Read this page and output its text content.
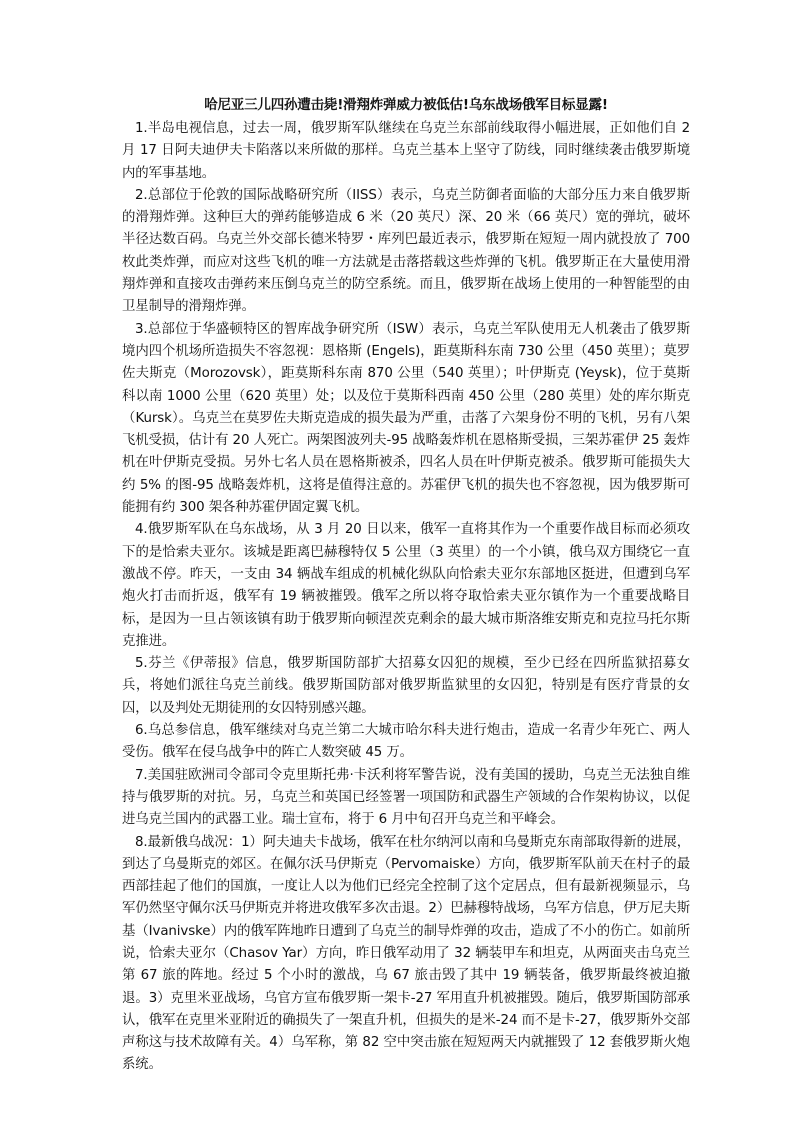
哈尼亚三儿四孙遭击毙!滑翔炸弹威力被低估!乌东战场俄军目标显露!

1.半岛电视信息，过去一周，俄罗斯军队继续在乌克兰东部前线取得小幅进展，正如他们自 2 月 17 日阿夫迪伊夫卡陷落以来所做的那样。乌克兰基本上坚守了防线，同时继续袭击俄罗斯境内的军事基地。

2.总部位于伦敦的国际战略研究所（IISS）表示，乌克兰防御者面临的大部分压力来自俄罗斯的滑翔炸弹。这种巨大的弹药能够造成 6 米（20 英尺）深、20 米（66 英尺）宽的弹坑，破坏半径达数百码。乌克兰外交部长德米特罗・库列巴最近表示，俄罗斯在短短一周内就投放了 700 枚此类炸弹，而应对这些飞机的唯一方法就是击落搭载这些炸弹的飞机。俄罗斯正在大量使用滑翔炸弹和直接攻击弹药来压倒乌克兰的防空系统。而且，俄罗斯在战场上使用的一种智能型的由卫星制导的滑翔炸弹。

3.总部位于华盛顿特区的智库战争研究所（ISW）表示，乌克兰军队使用无人机袭击了俄罗斯境内四个机场所造损失不容忽视：恩格斯 (Engels)，距莫斯科东南 730 公里（450 英里）；莫罗佐夫斯克（Morozovsk），距莫斯科东南 870 公里（540 英里）；叶伊斯克 (Yeysk)，位于莫斯科以南 1000 公里（620 英里）处；以及位于莫斯科西南 450 公里（280 英里）处的库尔斯克（Kursk）。乌克兰在莫罗佐夫斯克造成的损失最为严重，击落了六架身份不明的飞机，另有八架飞机受损，估计有 20 人死亡。两架图波列夫-95 战略轰炸机在恩格斯受损，三架苏霍伊 25 轰炸机在叶伊斯克受损。另外七名人员在恩格斯被杀，四名人员在叶伊斯克被杀。俄罗斯可能损失大约 5% 的图-95 战略轰炸机，这将是值得注意的。苏霍伊飞机的损失也不容忽视，因为俄罗斯可能拥有约 300 架各种苏霍伊固定翼飞机。

4.俄罗斯军队在乌东战场，从 3 月 20 日以来，俄军一直将其作为一个重要作战目标而必须攻下的是恰索夫亚尔。该城是距离巴赫穆特仅 5 公里（3 英里）的一个小镇，俄乌双方围绕它一直激战不停。昨天，一支由 34 辆战车组成的机械化纵队向恰索夫亚尔东部地区挺进，但遭到乌军炮火打击而折返，俄军有 19 辆被摧毁。俄军之所以将夺取恰索夫亚尔镇作为一个重要战略目标，是因为一旦占领该镇有助于俄罗斯向顿涅茨克剩余的最大城市斯洛维安斯克和克拉马托尔斯克推进。

5.芬兰《伊蒂报》信息，俄罗斯国防部扩大招募女囚犯的规模，至少已经在四所监狱招募女兵，将她们派往乌克兰前线。俄罗斯国防部对俄罗斯监狱里的女囚犯，特别是有医疗背景的女囚，以及判处无期徒刑的女囚特别感兴趣。

6.乌总参信息，俄军继续对乌克兰第二大城市哈尔科夫进行炮击，造成一名青少年死亡、两人受伤。俄军在侵乌战争中的阵亡人数突破 45 万。

7.美国驻欧洲司令部司令克里斯托弗·卡沃利将军警告说，没有美国的援助，乌克兰无法独自维持与俄罗斯的对抗。另，乌克兰和英国已经签署一项国防和武器生产领域的合作架构协议，以促进乌克兰国内的武器工业。瑞士宣布，将于 6 月中旬召开乌克兰和平峰会。

8.最新俄乌战况：1）阿夫迪夫卡战场，俄军在杜尔纳河以南和乌曼斯克东南部取得新的进展，到达了乌曼斯克的郊区。在佩尔沃马伊斯克（Pervomaiske）方向，俄罗斯军队前天在村子的最西部挂起了他们的国旗，一度让人以为他们已经完全控制了这个定居点，但有最新视频显示，乌军仍然坚守佩尔沃马伊斯克并将进攻俄军多次击退。2）巴赫穆特战场，乌军方信息，伊万尼夫斯基（Ivanivske）内的俄军阵地昨日遭到了乌克兰的制导炸弹的攻击，造成了不小的伤亡。如前所说，恰索夫亚尔（Chasov Yar）方向，昨日俄军动用了 32 辆装甲车和坦克，从两面夹击乌克兰第 67 旅的阵地。经过 5 个小时的激战，乌 67 旅击毁了其中 19 辆装备，俄罗斯最终被迫撤退。3）克里米亚战场，乌官方宣布俄罗斯一架卡-27 军用直升机被摧毁。随后，俄罗斯国防部承认，俄军在克里米亚附近的确损失了一架直升机，但损失的是米-24 而不是卡-27，俄罗斯外交部声称这与技术故障有关。4）乌军称，第 82 空中突击旅在短短两天内就摧毁了 12 套俄罗斯火炮系统。
